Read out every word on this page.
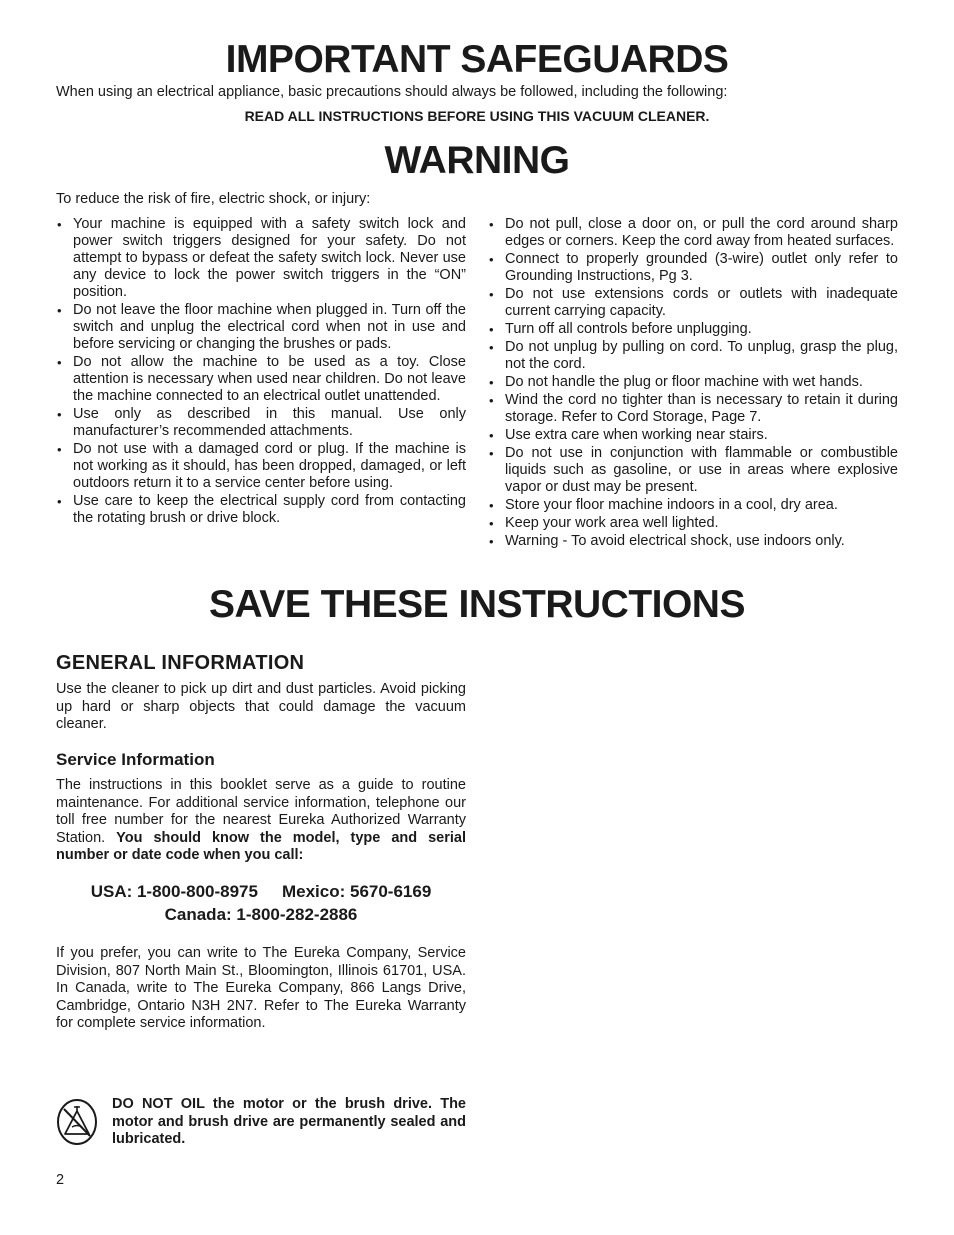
IMPORTANT SAFEGUARDS
When using an electrical appliance, basic precautions should always be followed, including the following:
READ ALL INSTRUCTIONS BEFORE USING THIS VACUUM CLEANER.
WARNING
To reduce the risk of fire, electric shock, or injury:
• Your machine is equipped with a safety switch lock and power switch triggers designed for your safety. Do not attempt to bypass or defeat the safety switch lock. Never use any device to lock the power switch triggers in the “ON” position.
• Do not leave the floor machine when plugged in. Turn off the switch and unplug the electrical cord when not in use and before servicing or changing the brushes or pads.
• Do not allow the machine to be used as a toy. Close attention is necessary when used near children. Do not leave the machine connected to an electrical outlet unattended.
• Use only as described in this manual. Use only manufacturer’s recommended attachments.
• Do not use with a damaged cord or plug. If the machine is not working as it should, has been dropped, damaged, or left outdoors return it to a service center before using.
• Use care to keep the electrical supply cord from contacting the rotating brush or drive block.
• Do not pull, close a door on, or pull the cord around sharp edges or corners. Keep the cord away from heated surfaces.
• Connect to properly grounded (3-wire) outlet only refer to Grounding Instructions, Pg 3.
• Do not use extensions cords or outlets with inadequate current carrying capacity.
• Turn off all controls before unplugging.
• Do not unplug by pulling on cord. To unplug, grasp the plug, not the cord.
• Do not handle the plug or floor machine with wet hands.
• Wind the cord no tighter than is necessary to retain it during storage. Refer to Cord Storage, Page 7.
• Use extra care when working near stairs.
• Do not use in conjunction with flammable or combustible liquids such as gasoline, or use in areas where explosive vapor or dust may be present.
• Store your floor machine indoors in a cool, dry area.
• Keep your work area well lighted.
• Warning - To avoid electrical shock, use indoors only.
SAVE THESE INSTRUCTIONS
GENERAL INFORMATION
Use the cleaner to pick up dirt and dust particles. Avoid picking up hard or sharp objects that could damage the vacuum cleaner.
Service Information
The instructions in this booklet serve as a guide to routine maintenance. For additional service information, telephone our toll free number for the nearest Eureka Authorized Warranty Station. You should know the model, type and serial number or date code when you call:
USA: 1-800-800-8975 Mexico: 5670-6169
Canada: 1-800-282-2886
If you prefer, you can write to The Eureka Company, Service Division, 807 North Main St., Bloomington, Illinois 61701, USA. In Canada, write to The Eureka Company, 866 Langs Drive, Cambridge, Ontario N3H 2N7. Refer to The Eureka Warranty for complete service information.
DO NOT OIL the motor or the brush drive. The motor and brush drive are permanently sealed and lubricated.
2
